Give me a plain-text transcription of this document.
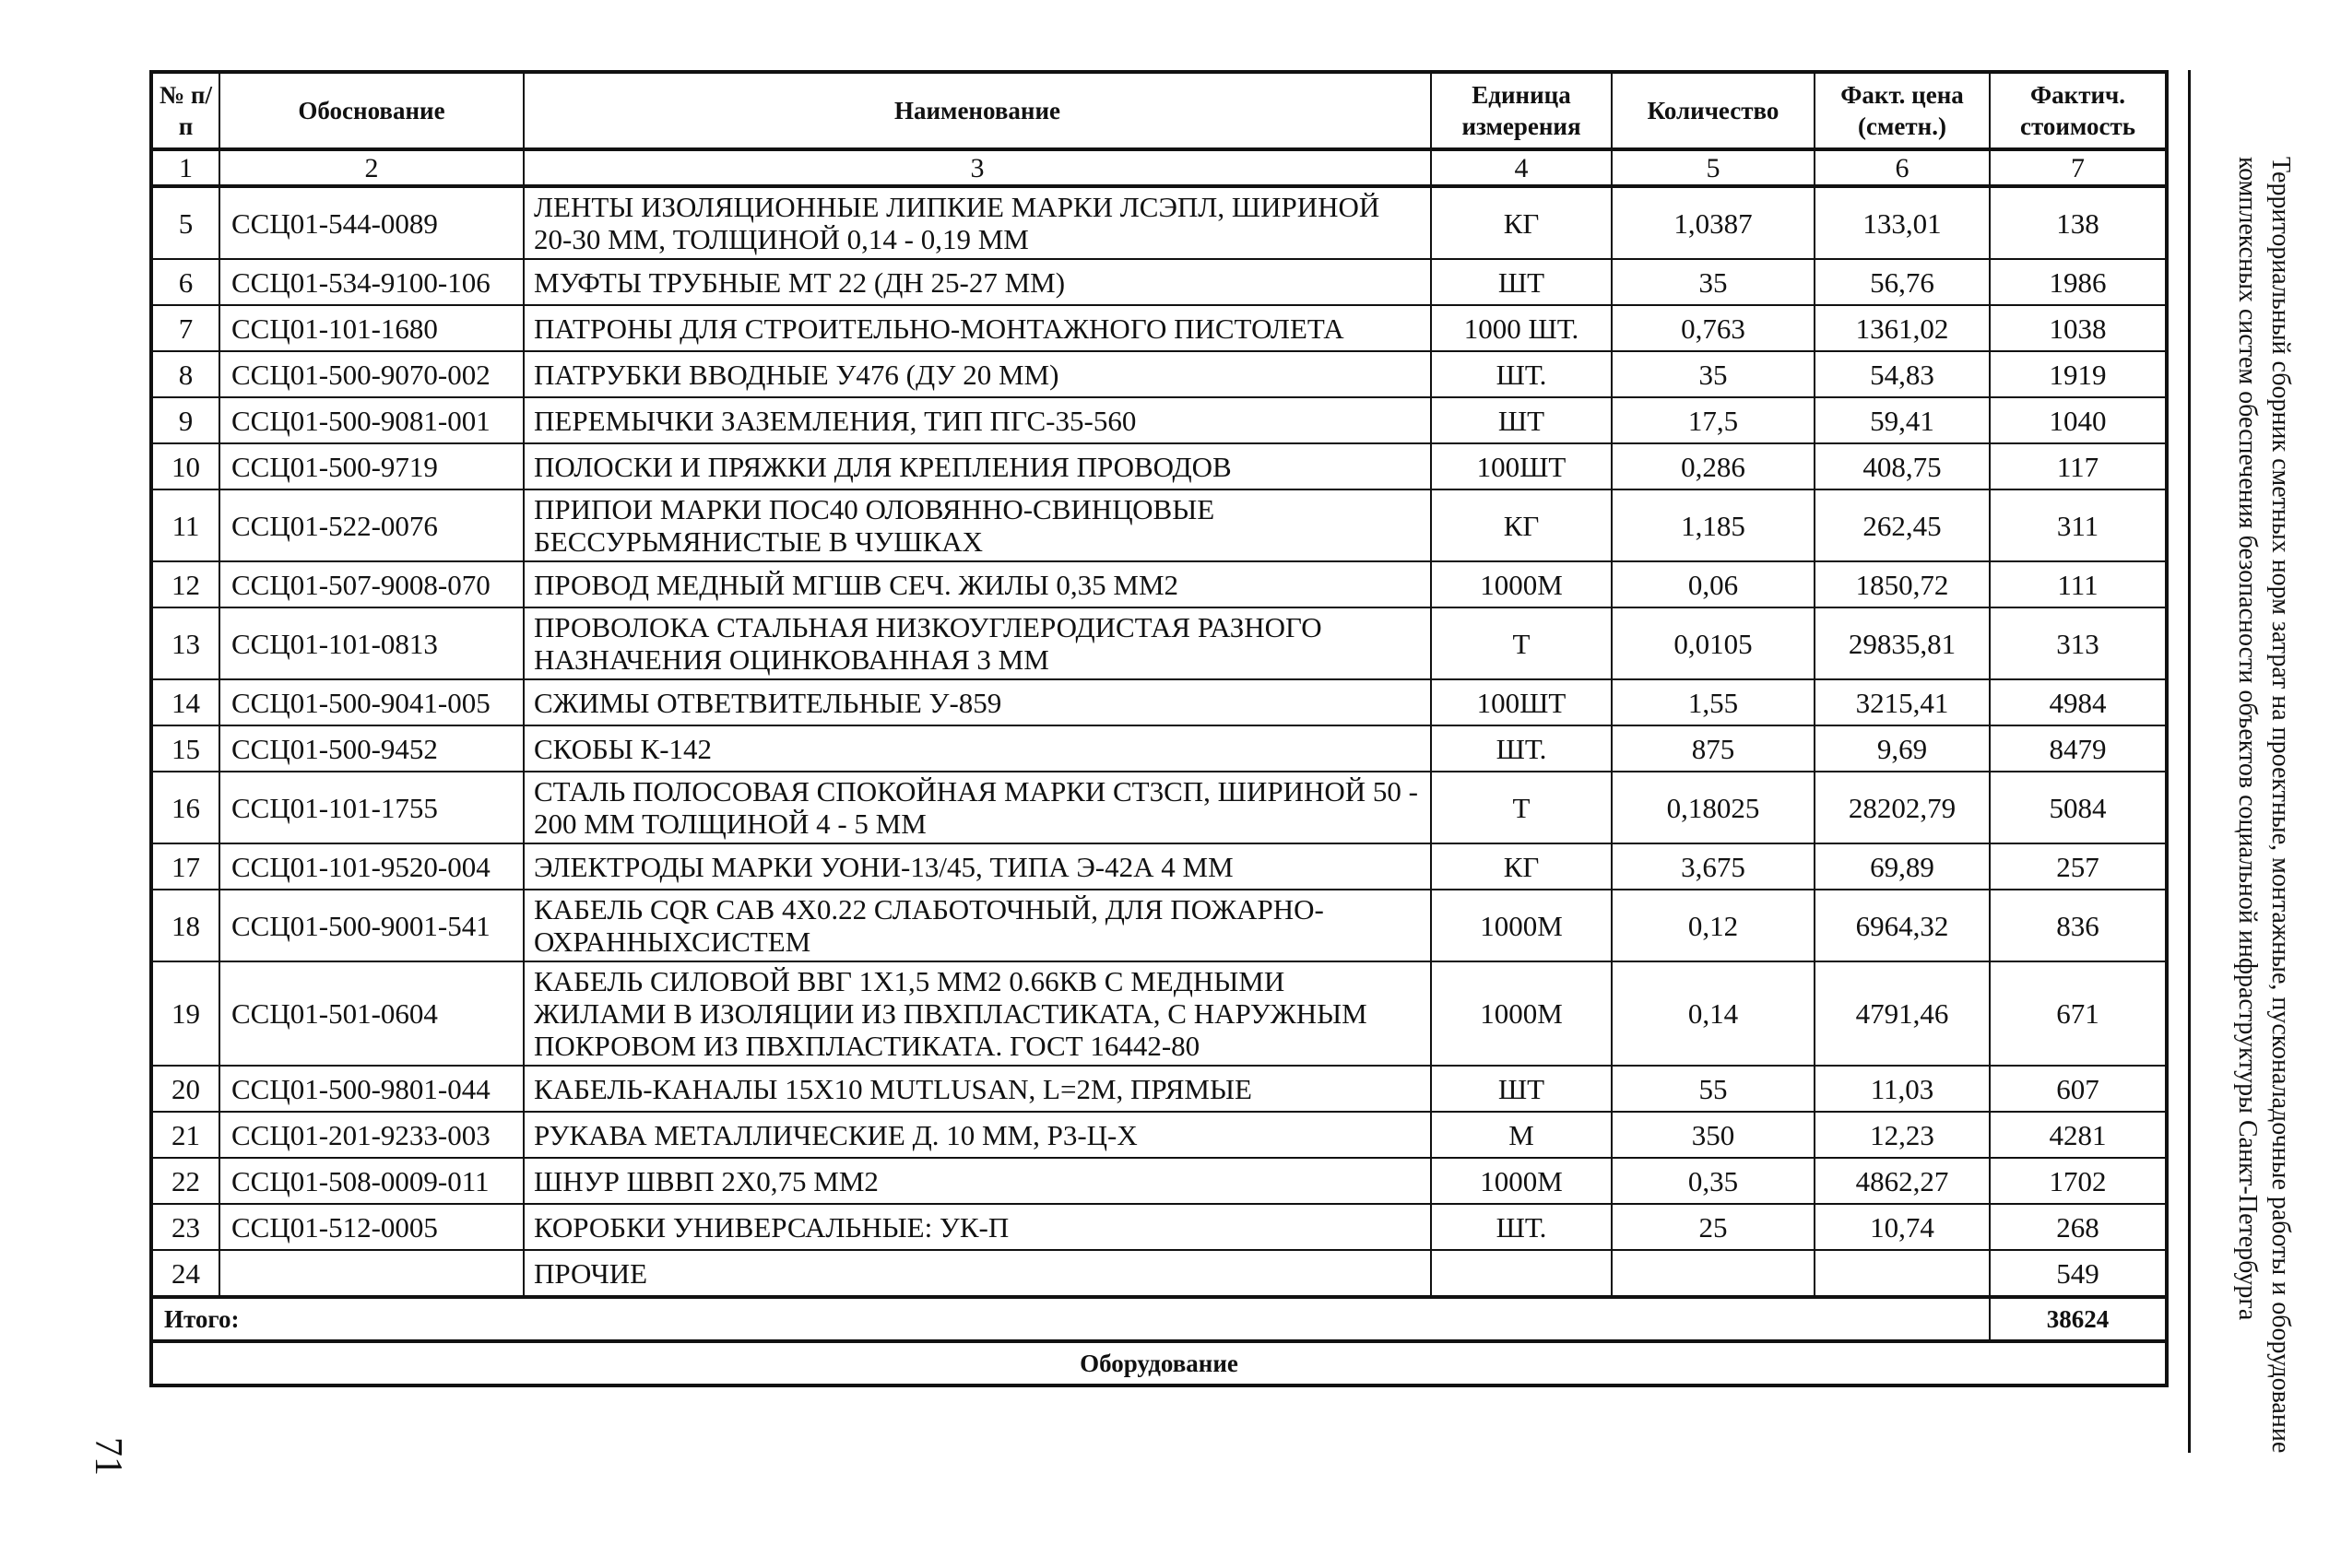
№ п/п	Обоснование	Наименование	Единица измерения	Количество	Факт. цена (сметн.)	Фактич. стоимость
1	2	3	4	5	6	7
5	ССЦ01-544-0089	ЛЕНТЫ ИЗОЛЯЦИОННЫЕ ЛИПКИЕ МАРКИ ЛСЭПЛ, ШИРИНОЙ 20-30 ММ, ТОЛЩИНОЙ 0,14 - 0,19 ММ	КГ	1,0387	133,01	138
6	ССЦ01-534-9100-106	МУФТЫ ТРУБНЫЕ МТ 22 (ДН 25-27 ММ)	ШТ	35	56,76	1986
7	ССЦ01-101-1680	ПАТРОНЫ ДЛЯ СТРОИТЕЛЬНО-МОНТАЖНОГО ПИСТОЛЕТА	1000 ШТ.	0,763	1361,02	1038
8	ССЦ01-500-9070-002	ПАТРУБКИ ВВОДНЫЕ У476 (ДУ 20 ММ)	ШТ.	35	54,83	1919
9	ССЦ01-500-9081-001	ПЕРЕМЫЧКИ ЗАЗЕМЛЕНИЯ, ТИП ПГС-35-560	ШТ	17,5	59,41	1040
10	ССЦ01-500-9719	ПОЛОСКИ И ПРЯЖКИ ДЛЯ КРЕПЛЕНИЯ ПРОВОДОВ	100ШТ	0,286	408,75	117
11	ССЦ01-522-0076	ПРИПОИ МАРКИ ПОС40 ОЛОВЯННО-СВИНЦОВЫЕ БЕССУРЬМЯНИСТЫЕ В ЧУШКАХ	КГ	1,185	262,45	311
12	ССЦ01-507-9008-070	ПРОВОД МЕДНЫЙ МГШВ СЕЧ. ЖИЛЫ 0,35 ММ2	1000М	0,06	1850,72	111
13	ССЦ01-101-0813	ПРОВОЛОКА СТАЛЬНАЯ НИЗКОУГЛЕРОДИСТАЯ РАЗНОГО НАЗНАЧЕНИЯ ОЦИНКОВАННАЯ 3 ММ	Т	0,0105	29835,81	313
14	ССЦ01-500-9041-005	СЖИМЫ ОТВЕТВИТЕЛЬНЫЕ У-859	100ШТ	1,55	3215,41	4984
15	ССЦ01-500-9452	СКОБЫ К-142	ШТ.	875	9,69	8479
16	ССЦ01-101-1755	СТАЛЬ ПОЛОСОВАЯ СПОКОЙНАЯ МАРКИ СТ3СП, ШИРИНОЙ 50 - 200 ММ ТОЛЩИНОЙ 4 - 5 ММ	Т	0,18025	28202,79	5084
17	ССЦ01-101-9520-004	ЭЛЕКТРОДЫ МАРКИ УОНИ-13/45, ТИПА Э-42А 4 ММ	КГ	3,675	69,89	257
18	ССЦ01-500-9001-541	КАБЕЛЬ CQR CAB 4X0.22 СЛАБОТОЧНЫЙ, ДЛЯ ПОЖАРНО-ОХРАННЫХСИСТЕМ	1000М	0,12	6964,32	836
19	ССЦ01-501-0604	КАБЕЛЬ СИЛОВОЙ ВВГ 1Х1,5 ММ2 0.66КВ С МЕДНЫМИ ЖИЛАМИ В ИЗОЛЯЦИИ ИЗ ПВХПЛАСТИКАТА, С НАРУЖНЫМ ПОКРОВОМ ИЗ ПВХПЛАСТИКАТА. ГОСТ 16442-80	1000М	0,14	4791,46	671
20	ССЦ01-500-9801-044	КАБЕЛЬ-КАНАЛЫ 15Х10 MUTLUSAN, L=2М, ПРЯМЫЕ	ШТ	55	11,03	607
21	ССЦ01-201-9233-003	РУКАВА МЕТАЛЛИЧЕСКИЕ Д. 10 ММ, Р3-Ц-Х	М	350	12,23	4281
22	ССЦ01-508-0009-011	ШНУР ШВВП 2Х0,75 ММ2	1000М	0,35	4862,27	1702
23	ССЦ01-512-0005	КОРОБКИ УНИВЕРСАЛЬНЫЕ: УК-П	ШТ.	25	10,74	268
24		ПРОЧИЕ				549
Итого:						38624
Оборудование						
71
Территориальный сборник сметных норм затрат на проектные, монтажные, пусконаладочные работы и оборудование
комплексных систем обеспечения безопасности объектов социальной инфраструктуры Санкт-Петербурга
